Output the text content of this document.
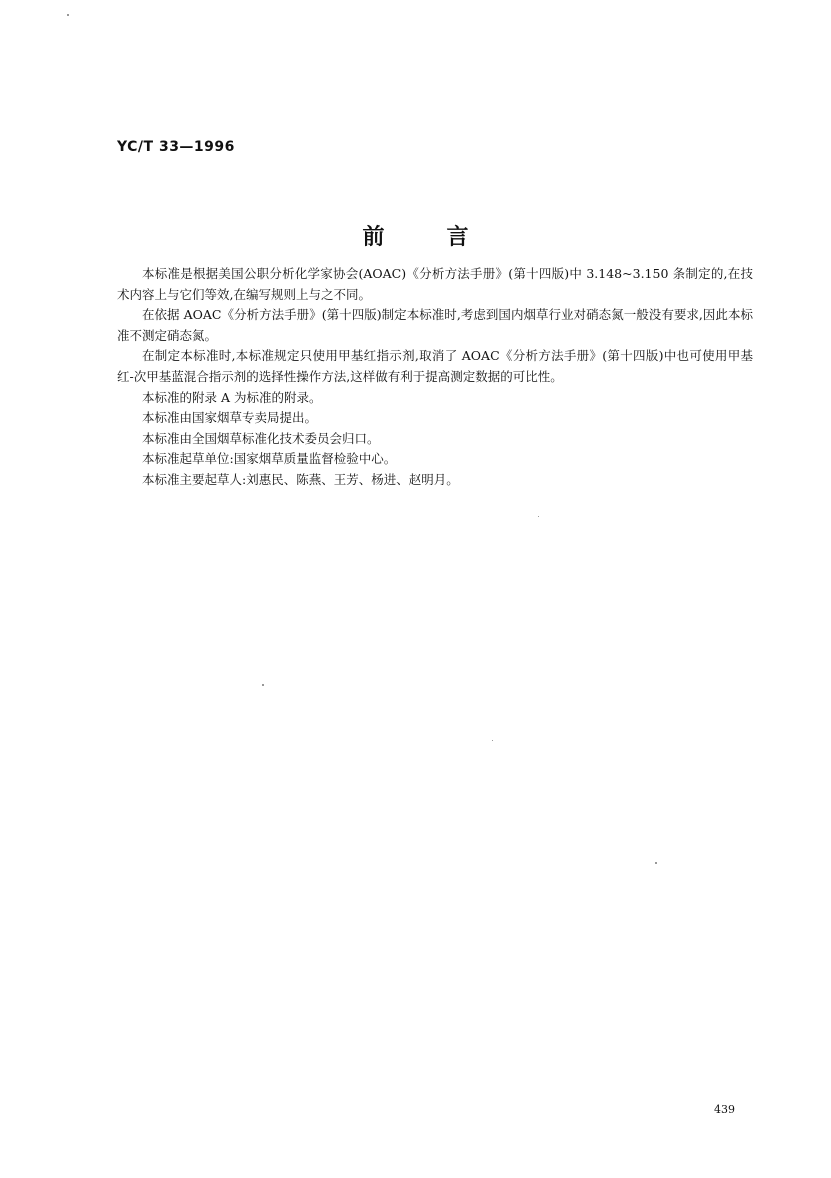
YC/T 33—1996
前言

本标准是根据美国公职分析化学家协会(AOAC)《分析方法手册》(第十四版)中 3.148~3.150 条制定的,在技术内容上与它们等效,在编写规则上与之不同。

在依据 AOAC《分析方法手册》(第十四版)制定本标准时,考虑到国内烟草行业对硝态氮一般没有要求,因此本标准不测定硝态氮。

在制定本标准时,本标准规定只使用甲基红指示剂,取消了 AOAC《分析方法手册》(第十四版)中也可使用甲基红-次甲基蓝混合指示剂的选择性操作方法,这样做有利于提高测定数据的可比性。

本标准的附录 A 为标准的附录。

本标准由国家烟草专卖局提出。

本标准由全国烟草标准化技术委员会归口。

本标准起草单位:国家烟草质量监督检验中心。

本标准主要起草人:刘惠民、陈燕、王芳、杨进、赵明月。

439
